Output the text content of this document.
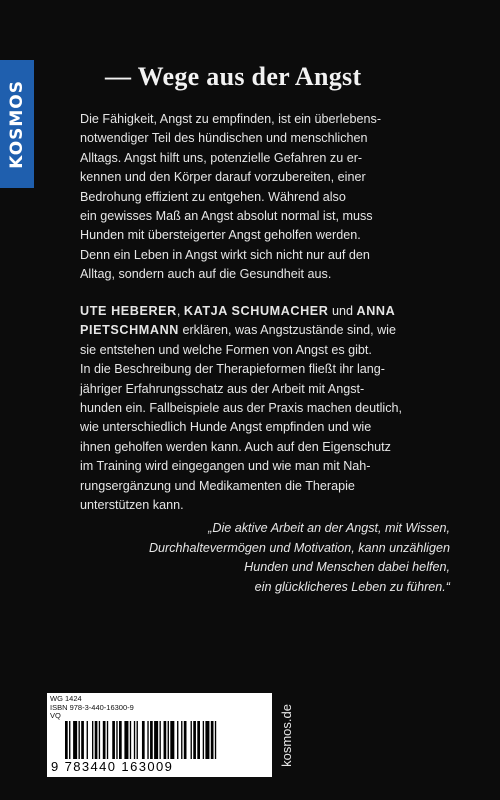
KOSMOS
— Wege aus der Angst
Die Fähigkeit, Angst zu empfinden, ist ein überlebens-
notwendiger Teil des hündischen und menschlichen
Alltags. Angst hilft uns, potenzielle Gefahren zu er-
kennen und den Körper darauf vorzubereiten, einer
Bedrohung effizient zu entgehen. Während also
ein gewisses Maß an Angst absolut normal ist, muss
Hunden mit übersteigerter Angst geholfen werden.
Denn ein Leben in Angst wirkt sich nicht nur auf den
Alltag, sondern auch auf die Gesundheit aus.
UTE HEBERER, KATJA SCHUMACHER und ANNA
PIETSCHMANN erklären, was Angstzustände sind, wie
sie entstehen und welche Formen von Angst es gibt.
In die Beschreibung der Therapieformen fließt ihr lang-
jähriger Erfahrungsschatz aus der Arbeit mit Angst-
hunden ein. Fallbeispiele aus der Praxis machen deutlich,
wie unterschiedlich Hunde Angst empfinden und wie
ihnen geholfen werden kann. Auch auf den Eigenschutz
im Training wird eingegangen und wie man mit Nah-
rungsergänzung und Medikamenten die Therapie
unterstützen kann.
„Die aktive Arbeit an der Angst, mit Wissen,
Durchhaltevermögen und Motivation, kann unzähligen
Hunden und Menschen dabei helfen,
ein glücklicheres Leben zu führen.“
WG 1424
ISBN 978-3-440-16300-9
VQ
9 783440 163009
kosmos.de
